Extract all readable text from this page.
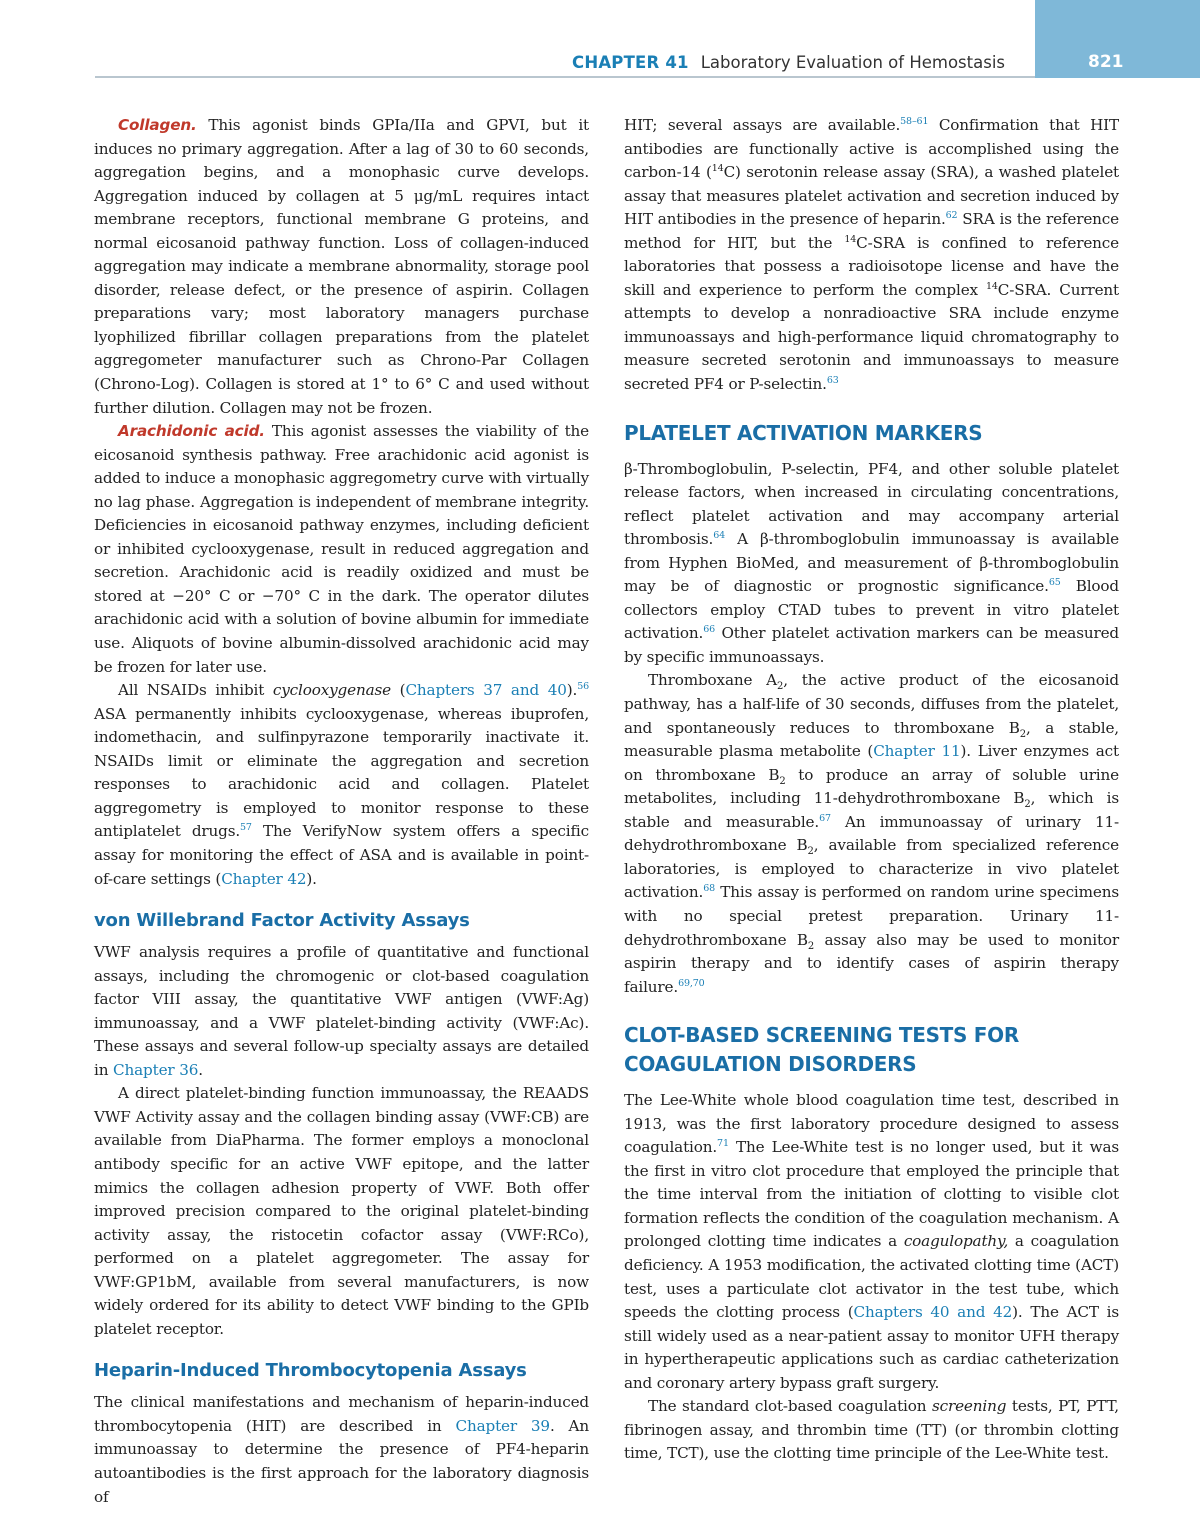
CHAPTER 41 Laboratory Evaluation of Hemostasis	821

Collagen. This agonist binds GPIa/IIa and GPVI, but it induces no primary aggregation. After a lag of 30 to 60 seconds, aggregation begins, and a monophasic curve develops. Aggregation induced by collagen at 5 μg/mL requires intact membrane receptors, functional membrane G proteins, and normal eicosanoid pathway function. Loss of collagen-induced aggregation may indicate a membrane abnormality, storage pool disorder, release defect, or the presence of aspirin. Collagen preparations vary; most laboratory managers purchase lyophilized fibrillar collagen preparations from the platelet aggregometer manufacturer such as Chrono-Par Collagen (Chrono-Log). Collagen is stored at 1° to 6° C and used without further dilution. Collagen may not be frozen.

Arachidonic acid. This agonist assesses the viability of the eicosanoid synthesis pathway. Free arachidonic acid agonist is added to induce a monophasic aggregometry curve with virtually no lag phase. Aggregation is independent of membrane integrity. Deficiencies in eicosanoid pathway enzymes, including deficient or inhibited cyclooxygenase, result in reduced aggregation and secretion. Arachidonic acid is readily oxidized and must be stored at −20° C or −70° C in the dark. The operator dilutes arachidonic acid with a solution of bovine albumin for immediate use. Aliquots of bovine albumin-dissolved arachidonic acid may be frozen for later use.

All NSAIDs inhibit cyclooxygenase (Chapters 37 and 40).$^{56}$ ASA permanently inhibits cyclooxygenase, whereas ibuprofen, indomethacin, and sulfinpyrazone temporarily inactivate it. NSAIDs limit or eliminate the aggregation and secretion responses to arachidonic acid and collagen. Platelet aggregometry is employed to monitor response to these antiplatelet drugs.$^{57}$ The VerifyNow system offers a specific assay for monitoring the effect of ASA and is available in point-of-care settings (Chapter 42).

von Willebrand Factor Activity Assays

VWF analysis requires a profile of quantitative and functional assays, including the chromogenic or clot-based coagulation factor VIII assay, the quantitative VWF antigen (VWF:Ag) immunoassay, and a VWF platelet-binding activity (VWF:Ac). These assays and several follow-up specialty assays are detailed in Chapter 36.

A direct platelet-binding function immunoassay, the REAADS VWF Activity assay and the collagen binding assay (VWF:CB) are available from DiaPharma. The former employs a monoclonal antibody specific for an active VWF epitope, and the latter mimics the collagen adhesion property of VWF. Both offer improved precision compared to the original platelet-binding activity assay, the ristocetin cofactor assay (VWF:RCo), performed on a platelet aggregometer. The assay for VWF:GP1bM, available from several manufacturers, is now widely ordered for its ability to detect VWF binding to the GPIb platelet receptor.

Heparin-Induced Thrombocytopenia Assays

The clinical manifestations and mechanism of heparin-induced thrombocytopenia (HIT) are described in Chapter 39. An immunoassay to determine the presence of PF4-heparin autoantibodies is the first approach for the laboratory diagnosis of

HIT; several assays are available.$^{58-61}$ Confirmation that HIT antibodies are functionally active is accomplished using the carbon-14 ($^{14}$C) serotonin release assay (SRA), a washed platelet assay that measures platelet activation and secretion induced by HIT antibodies in the presence of heparin.$^{62}$ SRA is the reference method for HIT, but the $^{14}$C-SRA is confined to reference laboratories that possess a radioisotope license and have the skill and experience to perform the complex $^{14}$C-SRA. Current attempts to develop a nonradioactive SRA include enzyme immunoassays and high-performance liquid chromatography to measure secreted serotonin and immunoassays to measure secreted PF4 or P-selectin.$^{63}$

PLATELET ACTIVATION MARKERS

β-Thromboglobulin, P-selectin, PF4, and other soluble platelet release factors, when increased in circulating concentrations, reflect platelet activation and may accompany arterial thrombosis.$^{64}$ A β-thromboglobulin immunoassay is available from Hyphen BioMed, and measurement of β-thromboglobulin may be of diagnostic or prognostic significance.$^{65}$ Blood collectors employ CTAD tubes to prevent in vitro platelet activation.$^{66}$ Other platelet activation markers can be measured by specific immunoassays.

Thromboxane $A_2$, the active product of the eicosanoid pathway, has a half-life of 30 seconds, diffuses from the platelet, and spontaneously reduces to thromboxane $B_2$, a stable, measurable plasma metabolite (Chapter 11). Liver enzymes act on thromboxane $B_2$ to produce an array of soluble urine metabolites, including 11-dehydrothromboxane $B_2$, which is stable and measurable.$^{67}$ An immunoassay of urinary 11-dehydrothromboxane $B_2$, available from specialized reference laboratories, is employed to characterize in vivo platelet activation.$^{68}$ This assay is performed on random urine specimens with no special pretest preparation. Urinary 11-dehydrothromboxane $B_2$ assay also may be used to monitor aspirin therapy and to identify cases of aspirin therapy failure.$^{69,70}$

CLOT-BASED SCREENING TESTS FOR COAGULATION DISORDERS

The Lee-White whole blood coagulation time test, described in 1913, was the first laboratory procedure designed to assess coagulation.$^{71}$ The Lee-White test is no longer used, but it was the first in vitro clot procedure that employed the principle that the time interval from the initiation of clotting to visible clot formation reflects the condition of the coagulation mechanism. A prolonged clotting time indicates a coagulopathy, a coagulation deficiency. A 1953 modification, the activated clotting time (ACT) test, uses a particulate clot activator in the test tube, which speeds the clotting process (Chapters 40 and 42). The ACT is still widely used as a near-patient assay to monitor UFH therapy in hypertherapeutic applications such as cardiac catheterization and coronary artery bypass graft surgery.

The standard clot-based coagulation screening tests, PT, PTT, fibrinogen assay, and thrombin time (TT) (or thrombin clotting time, TCT), use the clotting time principle of the Lee-White test.
